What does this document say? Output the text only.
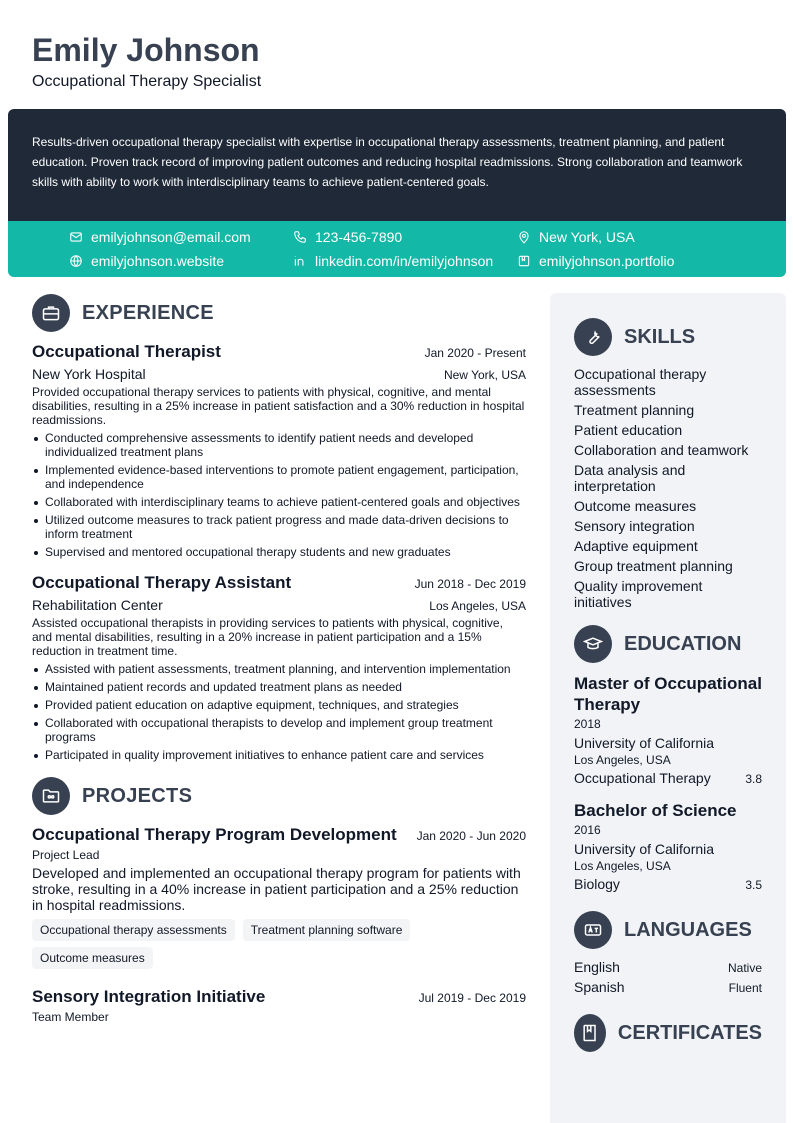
Emily Johnson
Occupational Therapy Specialist

Results-driven occupational therapy specialist with expertise in occupational therapy assessments, treatment planning, and patient education. Proven track record of improving patient outcomes and reducing hospital readmissions. Strong collaboration and teamwork skills with ability to work with interdisciplinary teams to achieve patient-centered goals.

emilyjohnson@email.com	123-456-7890	New York, USA
emilyjohnson.website	linkedin.com/in/emilyjohnson	emilyjohnson.portfolio
EXPERIENCE
Occupational Therapist	Jan 2020 - Present
New York Hospital	New York, USA
Provided occupational therapy services to patients with physical, cognitive, and mental disabilities, resulting in a 25% increase in patient satisfaction and a 30% reduction in hospital readmissions.
Conducted comprehensive assessments to identify patient needs and developed individualized treatment plans
Implemented evidence-based interventions to promote patient engagement, participation, and independence
Collaborated with interdisciplinary teams to achieve patient-centered goals and objectives
Utilized outcome measures to track patient progress and made data-driven decisions to inform treatment
Supervised and mentored occupational therapy students and new graduates
Occupational Therapy Assistant	Jun 2018 - Dec 2019
Rehabilitation Center	Los Angeles, USA
Assisted occupational therapists in providing services to patients with physical, cognitive, and mental disabilities, resulting in a 20% increase in patient participation and a 15% reduction in treatment time.
Assisted with patient assessments, treatment planning, and intervention implementation
Maintained patient records and updated treatment plans as needed
Provided patient education on adaptive equipment, techniques, and strategies
Collaborated with occupational therapists to develop and implement group treatment programs
Participated in quality improvement initiatives to enhance patient care and services
PROJECTS
Occupational Therapy Program Development Jan 2020 - Jun 2020
Project Lead
Developed and implemented an occupational therapy program for patients with stroke, resulting in a 40% increase in patient participation and a 25% reduction in hospital readmissions.
Occupational therapy assessments	Treatment planning software
Outcome measures
Sensory Integration Initiative	Jul 2019 - Dec 2019
Team Member
SKILLS
Occupational therapy assessments
Treatment planning
Patient education
Collaboration and teamwork
Data analysis and interpretation
Outcome measures
Sensory integration
Adaptive equipment
Group treatment planning
Quality improvement initiatives
EDUCATION
Master of Occupational Therapy
2018
University of California
Los Angeles, USA
Occupational Therapy	3.8
Bachelor of Science
2016
University of California
Los Angeles, USA
Biology	3.5
LANGUAGES
English	Native
Spanish	Fluent
CERTIFICATES
